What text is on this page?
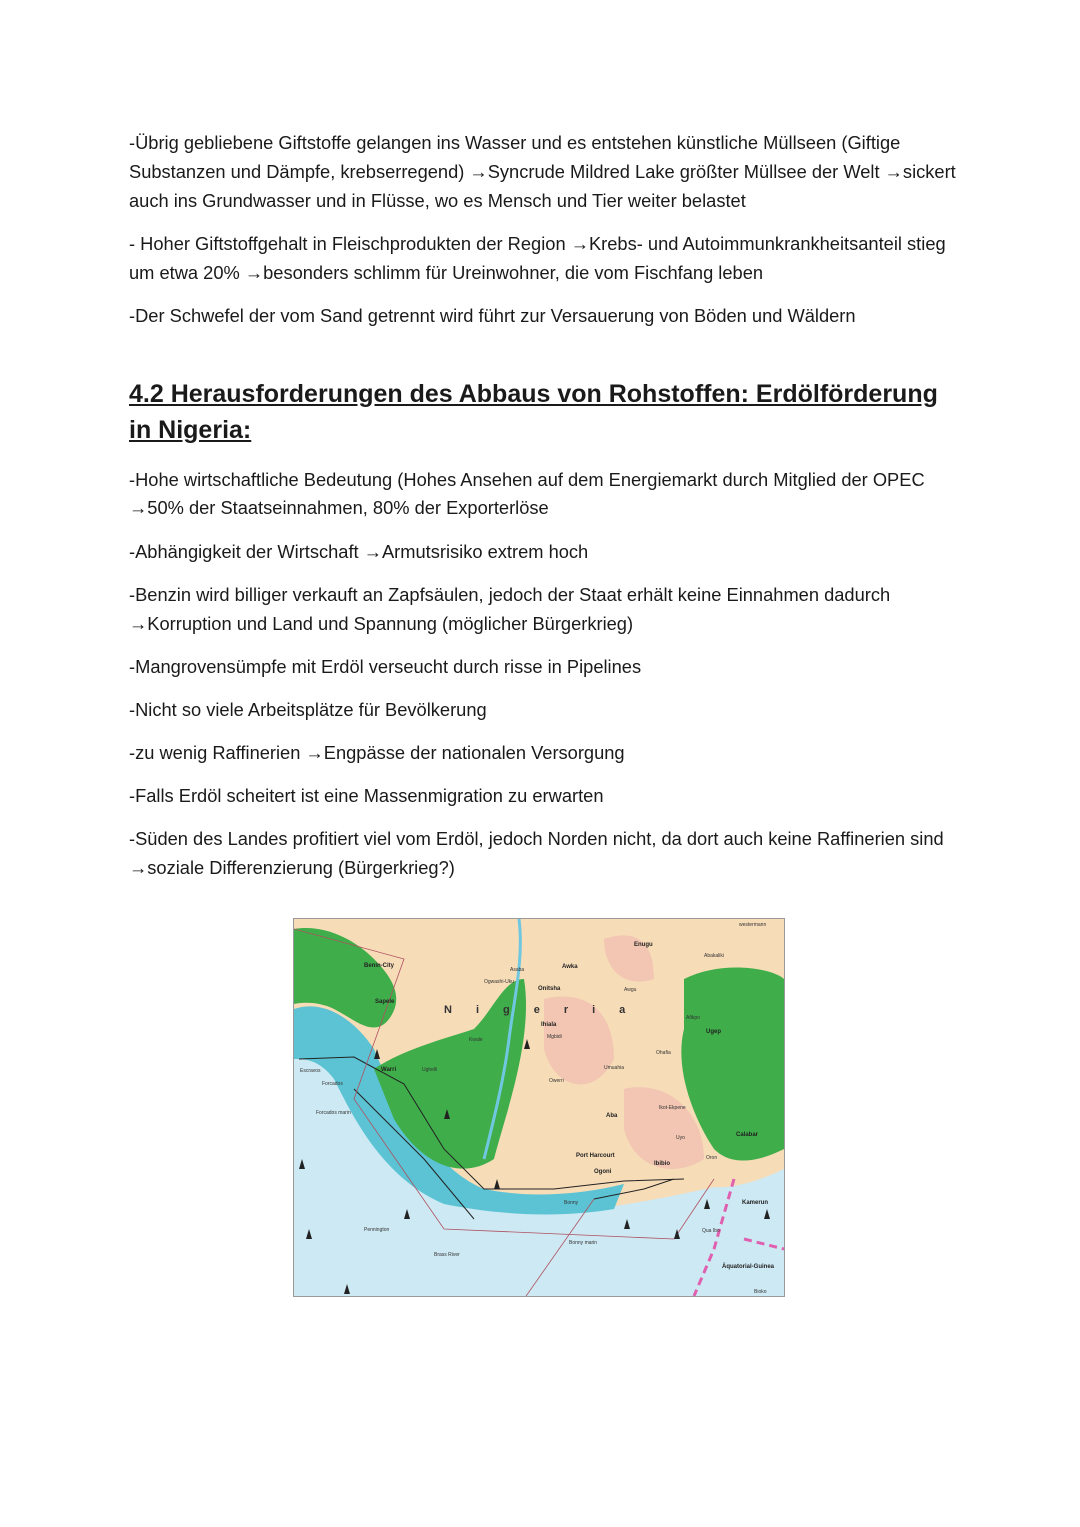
-Übrig gebliebene Giftstoffe gelangen ins Wasser und es entstehen künstliche Müllseen (Giftige Substanzen und Dämpfe, krebserregend) →Syncrude Mildred Lake größter Müllsee der Welt →sickert auch ins Grundwasser und in Flüsse, wo es Mensch und Tier weiter belastet

- Hoher Giftstoffgehalt in Fleischprodukten der Region →Krebs- und Autoimmunkrankheitsanteil stieg um etwa 20% →besonders schlimm für Ureinwohner, die vom Fischfang leben

-Der Schwefel der vom Sand getrennt wird führt zur Versauerung von Böden und Wäldern

4.2 Herausforderungen des Abbaus von Rohstoffen: Erdölförderung in Nigeria:

-Hohe wirtschaftliche Bedeutung (Hohes Ansehen auf dem Energiemarkt durch Mitglied der OPEC →50% der Staatseinnahmen, 80% der Exporterlöse

-Abhängigkeit der Wirtschaft →Armutsrisiko extrem hoch

-Benzin wird billiger verkauft an Zapfsäulen, jedoch der Staat erhält keine Einnahmen dadurch →Korruption und Land und Spannung (möglicher Bürgerkrieg)

-Mangrovensümpfe mit Erdöl verseucht durch risse in Pipelines

-Nicht so viele Arbeitsplätze für Bevölkerung

-zu wenig Raffinerien →Engpässe der nationalen Versorgung

-Falls Erdöl scheitert ist eine Massenmigration zu erwarten

-Süden des Landes profitiert viel vom Erdöl, jedoch Norden nicht, da dort auch keine Raffinerien sind →soziale Differenzierung (Bürgerkrieg?)

Nigeria
Benin-City
Enugu
Abakaliki
Awka
Onitsha
Asaba
Ogwashi-Uku
Awgu
Sapele
Ihiala
Afikpo
Ugep
Warri
Kwale	Mgbidi
Ughelli
Escravos
Forcados	Owerri
Umuahia
Ohafia
Forcados marin	Aba
Ikot-Ekpene
Uyo	Calabar
Port Harcourt
Ogoni
Ibibio
Oron
Bonny
Pennington
Bonny marin
Qua Ibo
Brass River
Kamerun
Äquatorial-Guinea
Bioko
westermann
